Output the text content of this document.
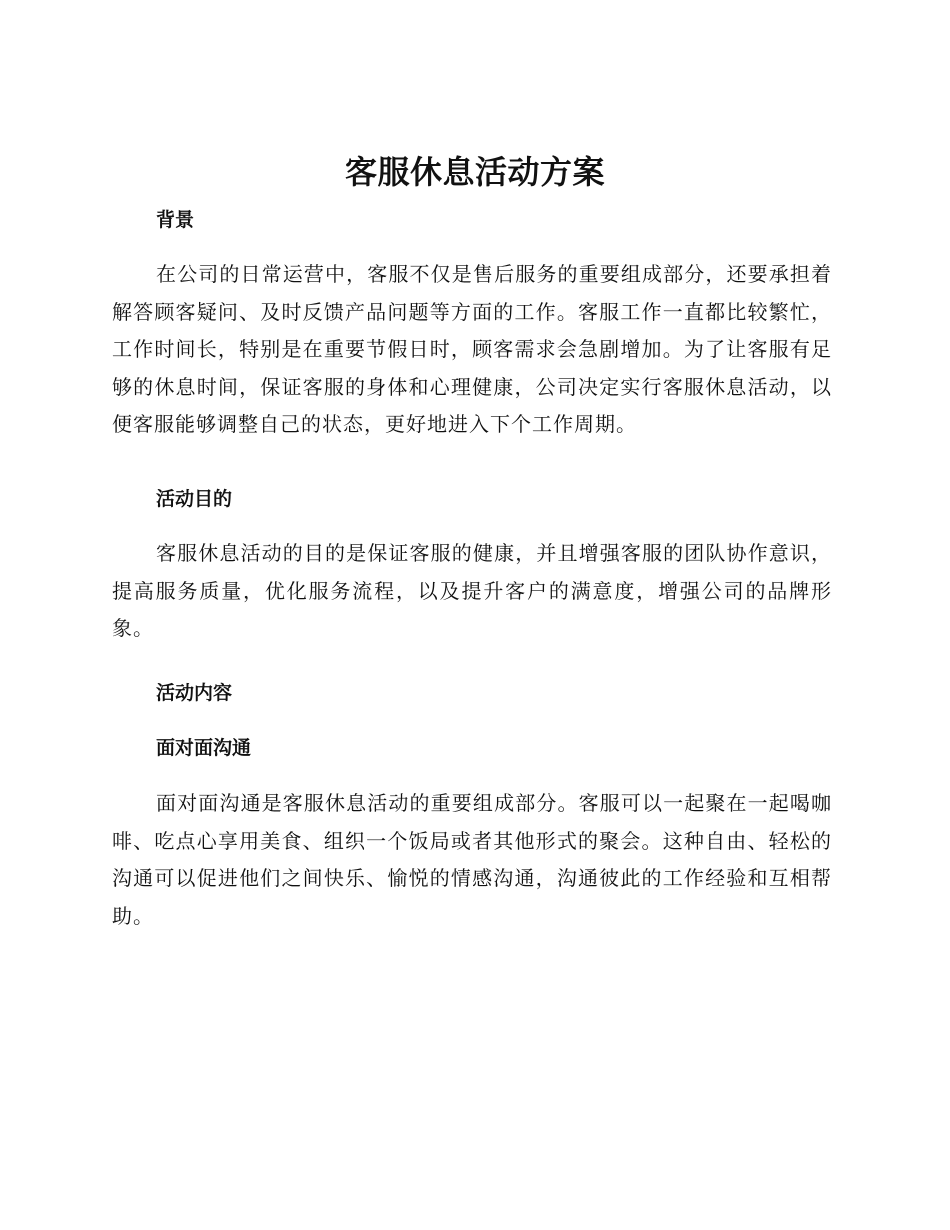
客服休息活动方案
背景

在公司的日常运营中，客服不仅是售后服务的重要组成部分，还要承担着解答顾客疑问、及时反馈产品问题等方面的工作。客服工作一直都比较繁忙，工作时间长，特别是在重要节假日时，顾客需求会急剧增加。为了让客服有足够的休息时间，保证客服的身体和心理健康，公司决定实行客服休息活动，以便客服能够调整自己的状态，更好地进入下个工作周期。

活动目的

客服休息活动的目的是保证客服的健康，并且增强客服的团队协作意识，提高服务质量，优化服务流程，以及提升客户的满意度，增强公司的品牌形象。

活动内容
面对面沟通

面对面沟通是客服休息活动的重要组成部分。客服可以一起聚在一起喝咖啡、吃点心享用美食、组织一个饭局或者其他形式的聚会。这种自由、轻松的沟通可以促进他们之间快乐、愉悦的情感沟通，沟通彼此的工作经验和互相帮助。
